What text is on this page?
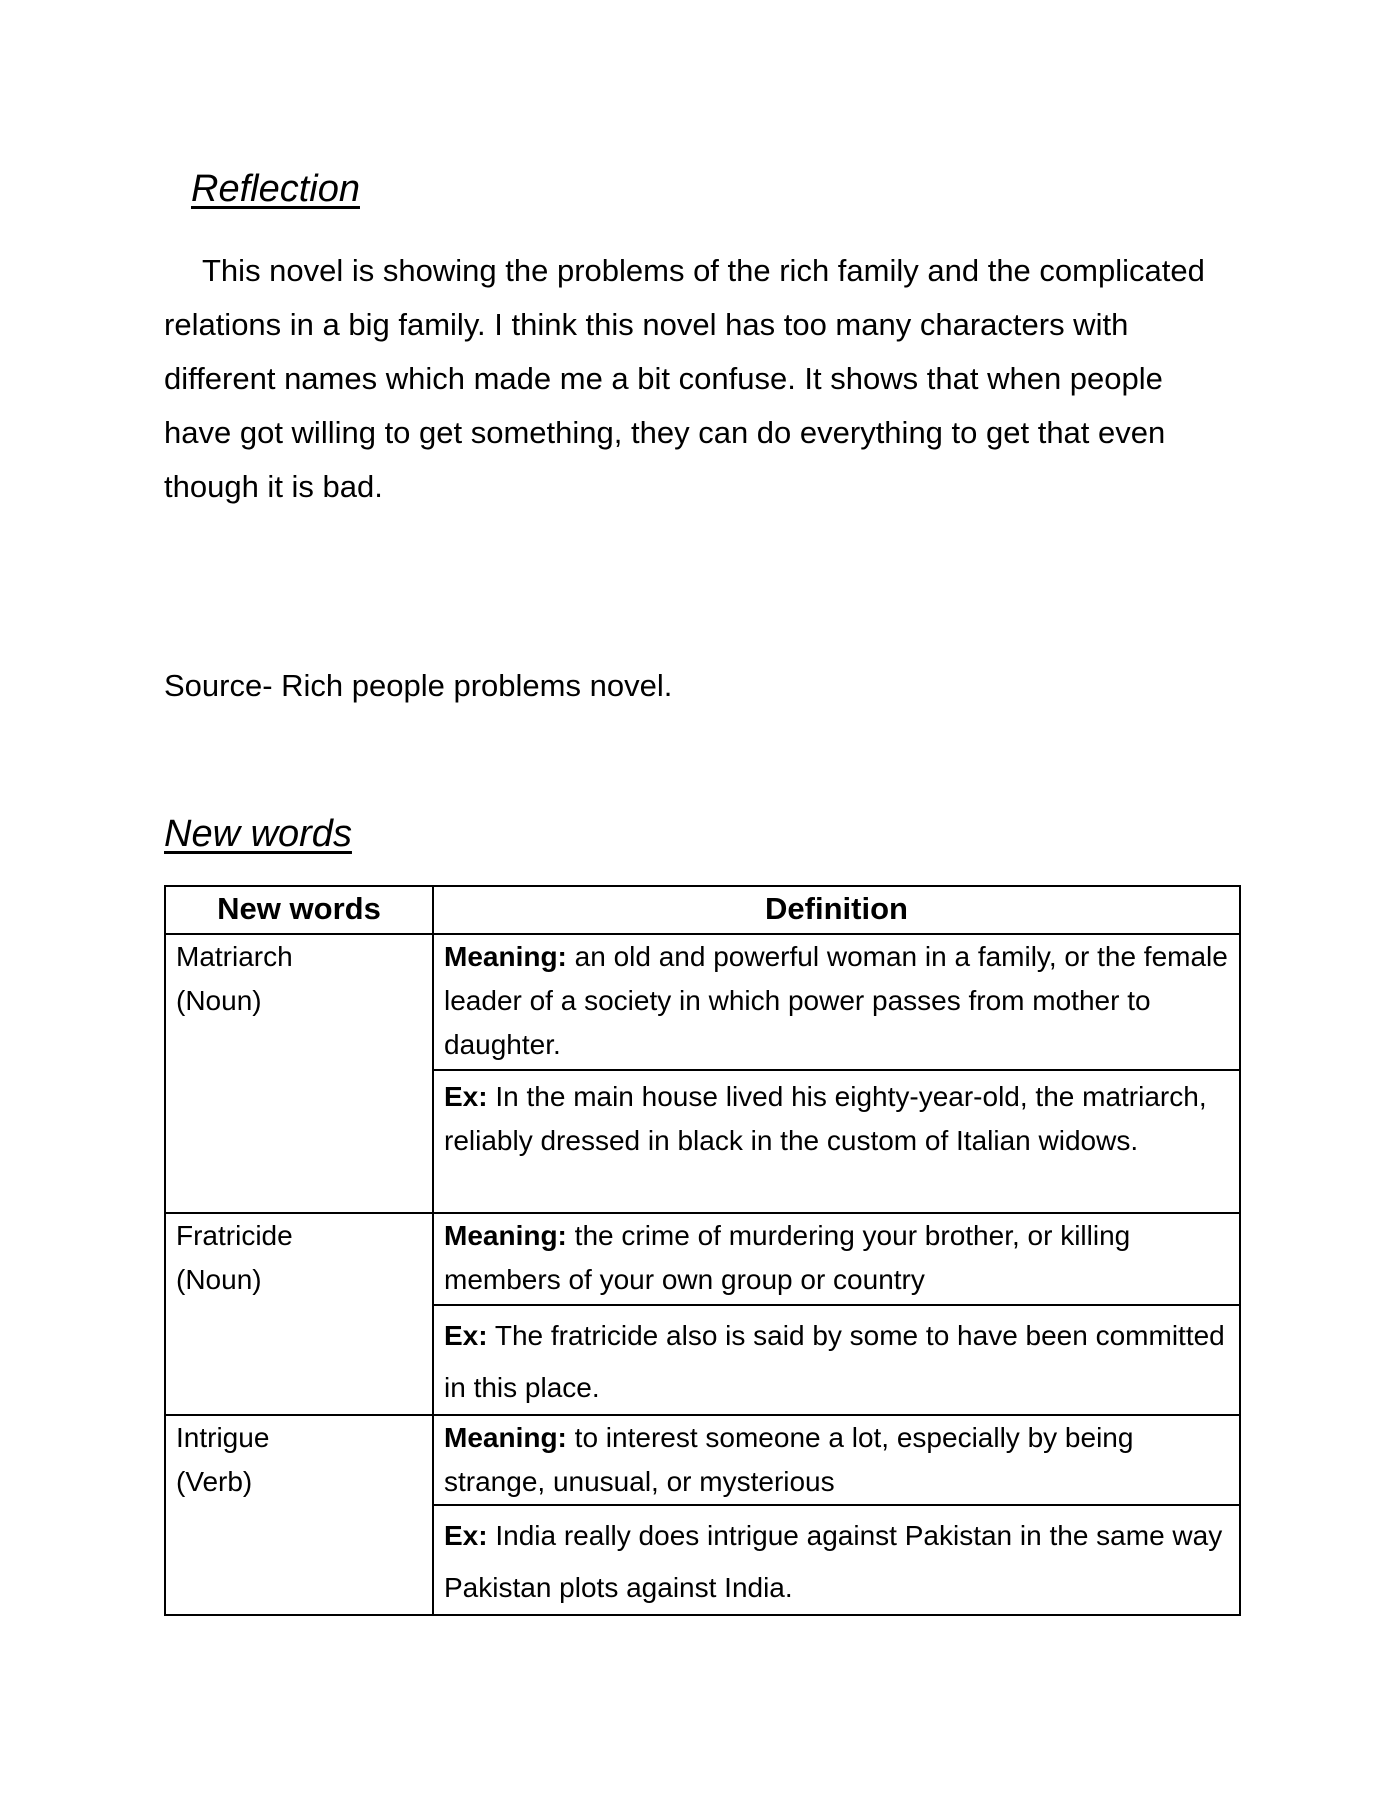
Reflection
This novel is showing the problems of the rich family and the complicated relations in a big family. I think this novel has too many characters with different names which made me a bit confuse. It shows that when people have got willing to get something, they can do everything to get that even though it is bad.
Source- Rich people problems novel.
New words
New words	Definition

Matriarch
(Noun)	Meaning: an old and powerful woman in a family, or the female leader of a society in which power passes from mother to daughter.
	Ex: In the main house lived his eighty-year-old, the matriarch, reliably dressed in black in the custom of Italian widows.

Fratricide
(Noun)	Meaning: the crime of murdering your brother, or killing members of your own group or country
	Ex: The fratricide also is said by some to have been committed in this place.

Intrigue
(Verb)	Meaning: to interest someone a lot, especially by being strange, unusual, or mysterious
	Ex: India really does intrigue against Pakistan in the same way Pakistan plots against India.
